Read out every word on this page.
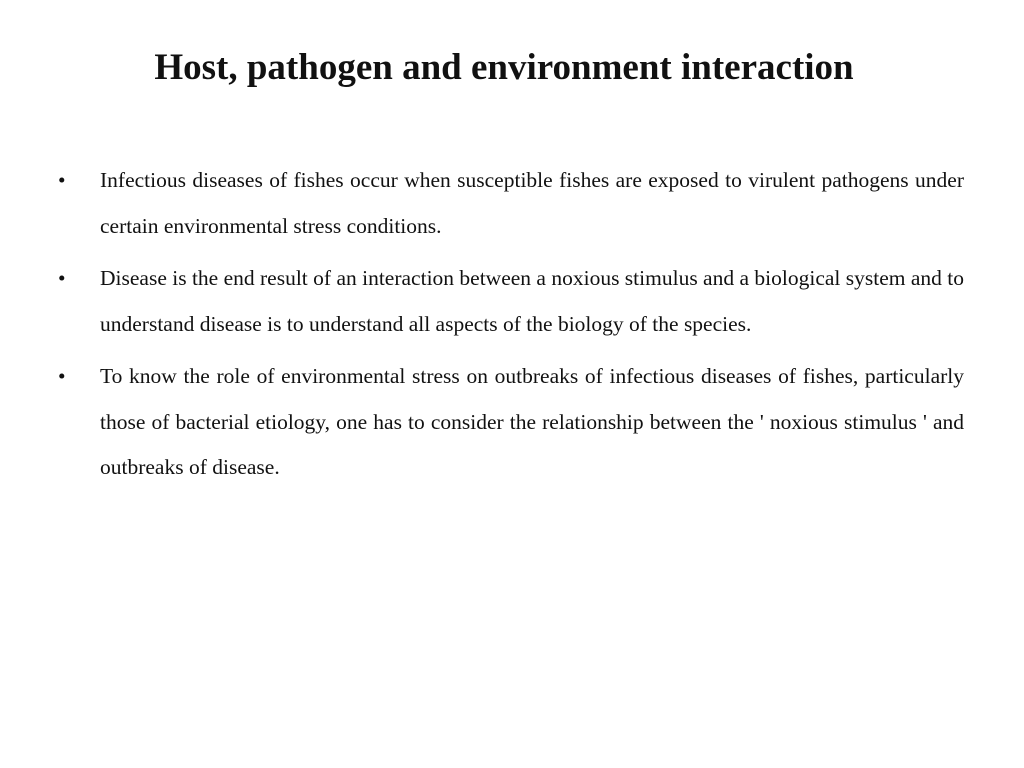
Host, pathogen and environment interaction
•	Infectious diseases of fishes occur when susceptible fishes are exposed to virulent pathogens under certain environmental stress conditions.
•	Disease is the end result of an interaction between a noxious stimulus and a biological system and to understand disease is to understand all aspects of the biology of the species.
•	To know the role of environmental stress on outbreaks of infectious diseases of fishes, particularly those of bacterial etiology, one has to consider the relationship between the ' noxious stimulus ' and outbreaks of disease.
